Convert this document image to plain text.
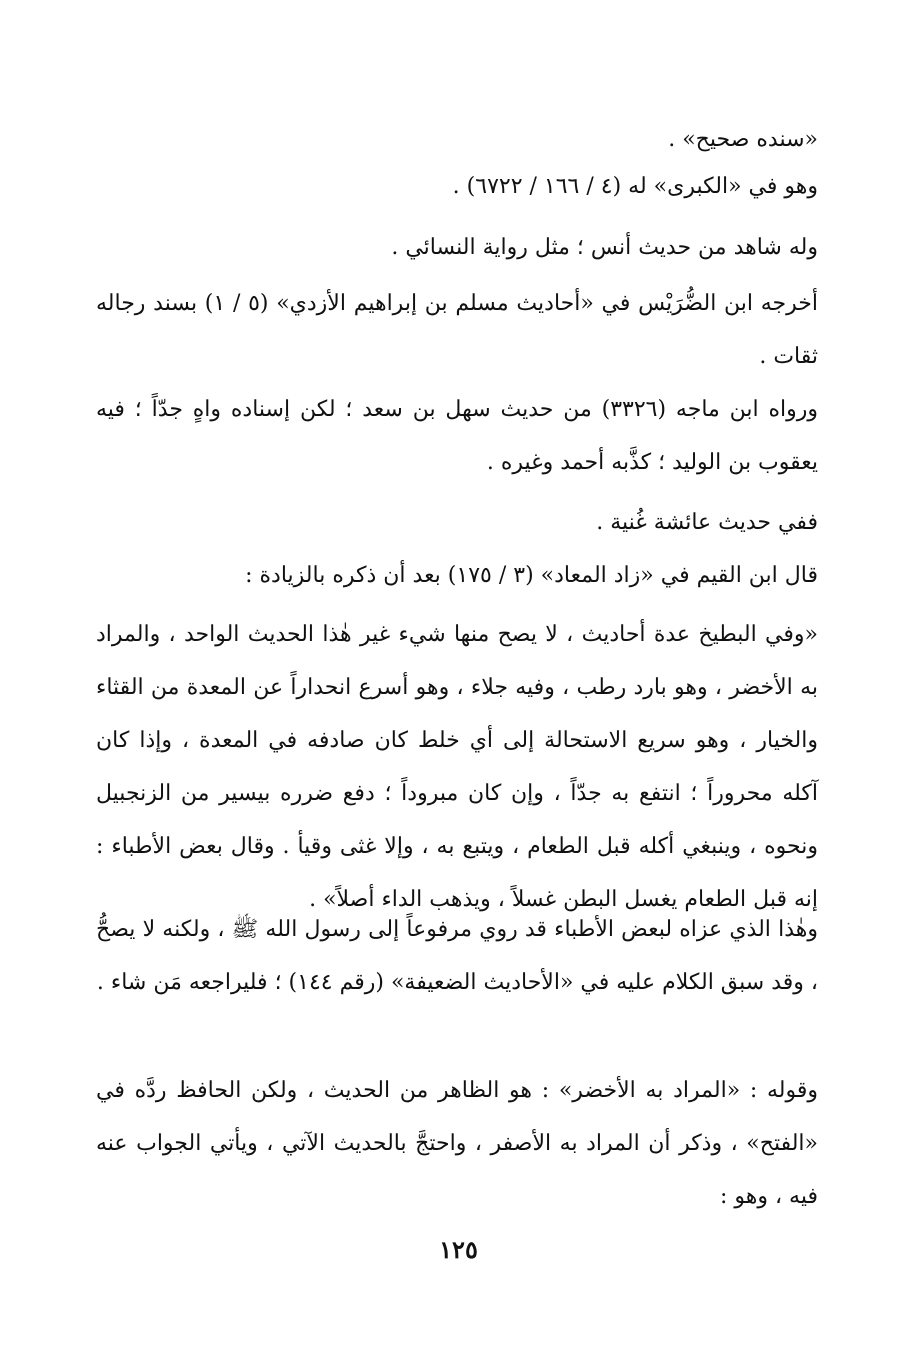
«سنده صحيح» .

وهو في «الكبرى» له (٤ / ١٦٦ / ٦٧٢٢) .

وله شاهد من حديث أنس ؛ مثل رواية النسائي .

أخرجه ابن الضُّرَيْس في «أحاديث مسلم بن إبراهيم الأزدي» (٥ / ١) بسند رجاله ثقات .

ورواه ابن ماجه (٣٣٢٦) من حديث سهل بن سعد ؛ لكن إسناده واهٍ جدّاً ؛ فيه يعقوب بن الوليد ؛ كذَّبه أحمد وغيره .

ففي حديث عائشة غُنية .

قال ابن القيم في «زاد المعاد» (٣ / ١٧٥) بعد أن ذكره بالزيادة :

«وفي البطيخ عدة أحاديث ، لا يصح منها شيء غير هٰذا الحديث الواحد ، والمراد به الأخضر ، وهو بارد رطب ، وفيه جلاء ، وهو أسرع انحداراً عن المعدة من القثاء والخيار ، وهو سريع الاستحالة إلى أي خلط كان صادفه في المعدة ، وإذا كان آكله محروراً ؛ انتفع به جدّاً ، وإن كان مبروداً ؛ دفع ضرره بيسير من الزنجبيل ونحوه ، وينبغي أكله قبل الطعام ، ويتبع به ، وإلا غثى وقيأ . وقال بعض الأطباء : إنه قبل الطعام يغسل البطن غسلاً ، ويذهب الداء أصلاً» .

وهٰذا الذي عزاه لبعض الأطباء قد روي مرفوعاً إلى رسول الله ﷺ ، ولكنه لا يصحُّ ، وقد سبق الكلام عليه في «الأحاديث الضعيفة» (رقم ١٤٤) ؛ فليراجعه مَن شاء .

وقوله : «المراد به الأخضر» : هو الظاهر من الحديث ، ولكن الحافظ ردَّه في «الفتح» ، وذكر أن المراد به الأصفر ، واحتجَّ بالحديث الآتي ، ويأتي الجواب عنه فيه ، وهو :

١٢٥
